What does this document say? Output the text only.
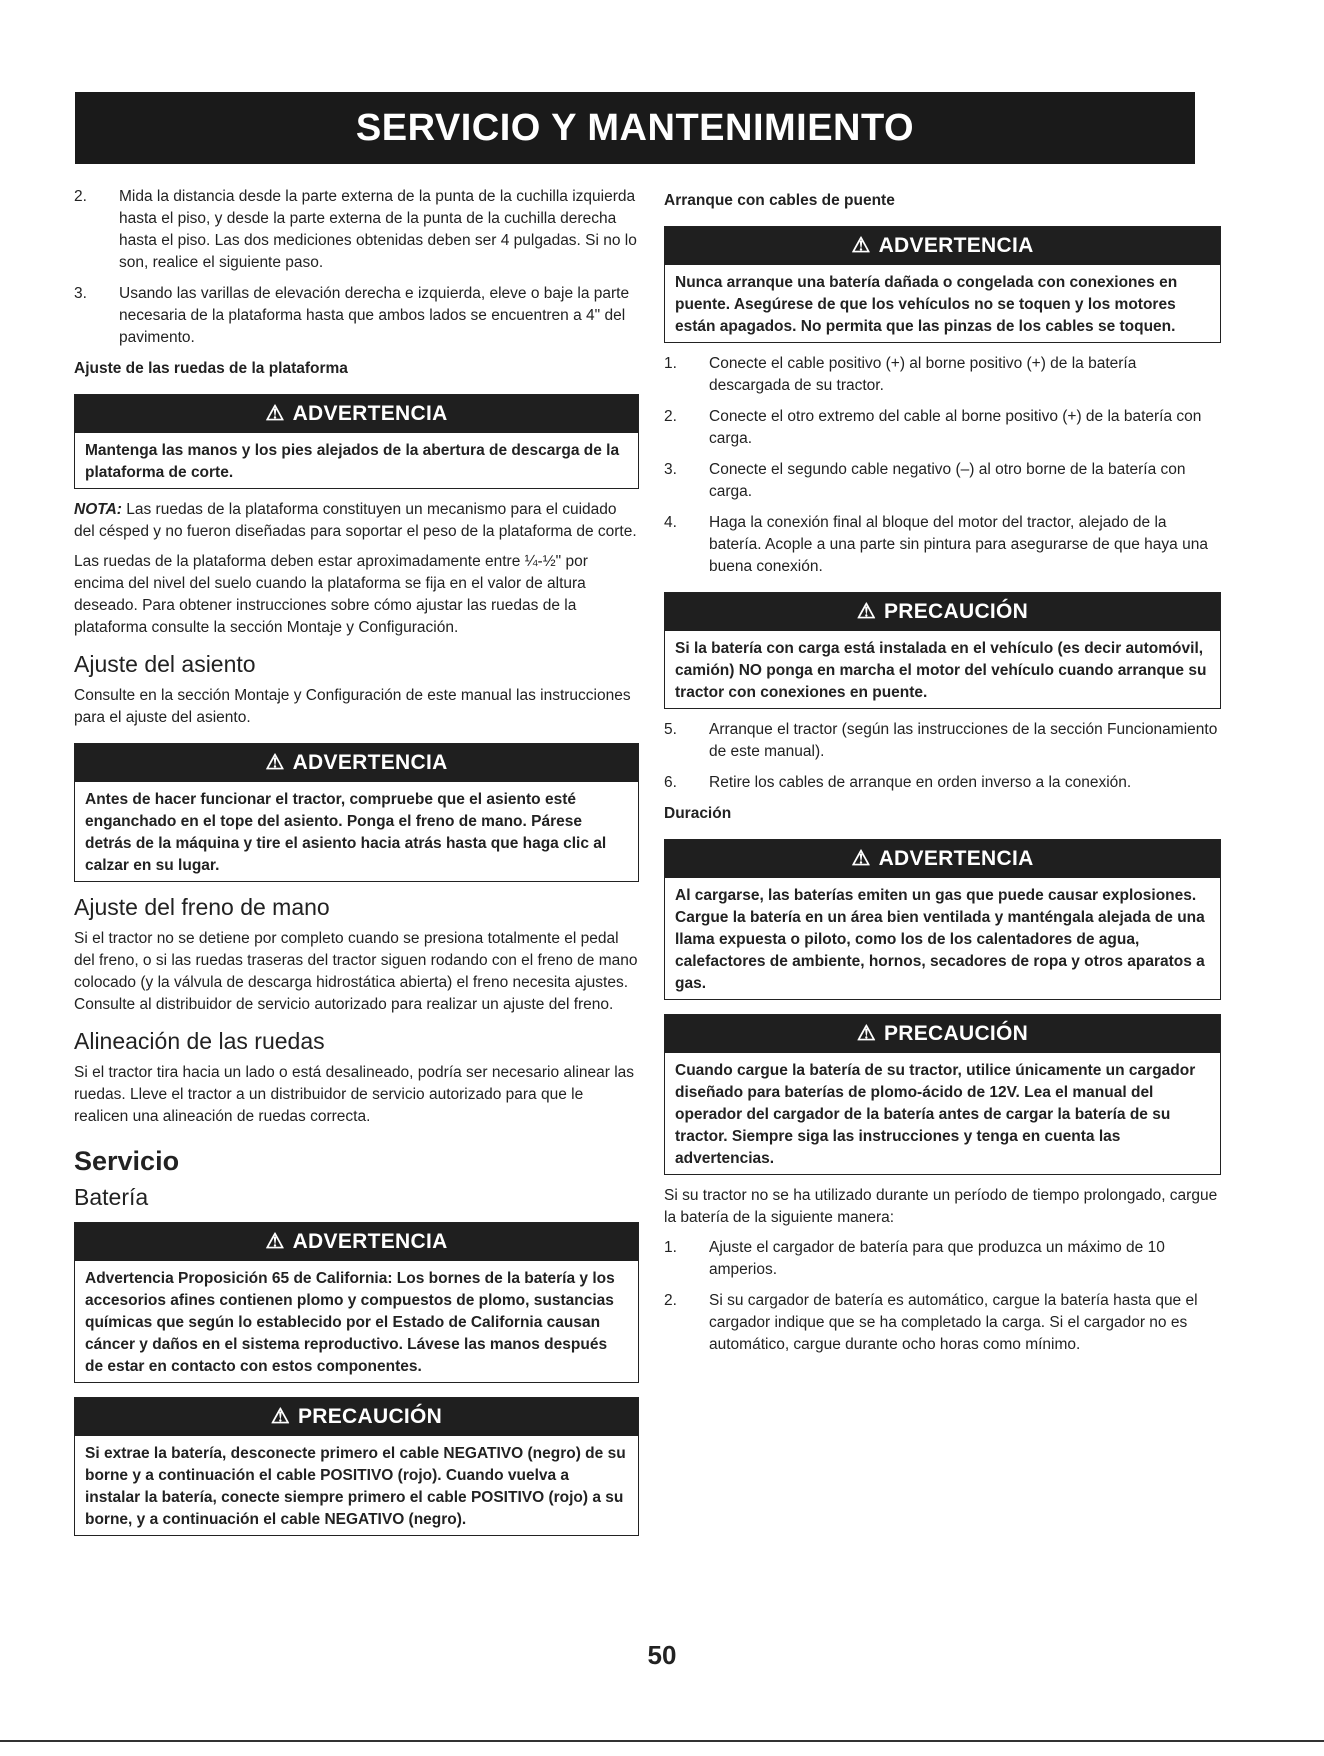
SERVICIO Y MANTENIMIENTO
2.	Mida la distancia desde la parte externa de la punta de la cuchilla izquierda hasta el piso, y desde la parte externa de la punta de la cuchilla derecha hasta el piso. Las dos mediciones obtenidas deben ser 4 pulgadas. Si no lo son, realice el siguiente paso.
3.	Usando las varillas de elevación derecha e izquierda, eleve o baje la parte necesaria de la plataforma hasta que ambos lados se encuentren a 4" del pavimento.
Ajuste de las ruedas de la plataforma
⚠ ADVERTENCIA
Mantenga las manos y los pies alejados de la abertura de descarga de la plataforma de corte.

NOTA: Las ruedas de la plataforma constituyen un mecanismo para el cuidado del césped y no fueron diseñadas para soportar el peso de la plataforma de corte.

Las ruedas de la plataforma deben estar aproximadamente entre ¼-½" por encima del nivel del suelo cuando la plataforma se fija en el valor de altura deseado. Para obtener instrucciones sobre cómo ajustar las ruedas de la plataforma consulte la sección Montaje y Configuración.

Ajuste del asiento

Consulte en la sección Montaje y Configuración de este manual las instrucciones para el ajuste del asiento.

⚠ ADVERTENCIA
Antes de hacer funcionar el tractor, compruebe que el asiento esté enganchado en el tope del asiento. Ponga el freno de mano. Párese detrás de la máquina y tire el asiento hacia atrás hasta que haga clic al calzar en su lugar.
Ajuste del freno de mano

Si el tractor no se detiene por completo cuando se presiona totalmente el pedal del freno, o si las ruedas traseras del tractor siguen rodando con el freno de mano colocado (y la válvula de descarga hidrostática abierta) el freno necesita ajustes. Consulte al distribuidor de servicio autorizado para realizar un ajuste del freno.

Alineación de las ruedas

Si el tractor tira hacia un lado o está desalineado, podría ser necesario alinear las ruedas. Lleve el tractor a un distribuidor de servicio autorizado para que le realicen una alineación de ruedas correcta.

Servicio
Batería
⚠ ADVERTENCIA
Advertencia Proposición 65 de California: Los bornes de la batería y los accesorios afines contienen plomo y compuestos de plomo, sustancias químicas que según lo establecido por el Estado de California causan cáncer y daños en el sistema reproductivo. Lávese las manos después de estar en contacto con estos componentes.
⚠ PRECAUCIÓN
Si extrae la batería, desconecte primero el cable NEGATIVO (negro) de su borne y a continuación el cable POSITIVO (rojo). Cuando vuelva a instalar la batería, conecte siempre primero el cable POSITIVO (rojo) a su borne, y a continuación el cable NEGATIVO (negro).
Arranque con cables de puente
⚠ ADVERTENCIA
Nunca arranque una batería dañada o congelada con conexiones en puente. Asegúrese de que los vehículos no se toquen y los motores están apagados. No permita que las pinzas de los cables se toquen.
1.	Conecte el cable positivo (+) al borne positivo (+) de la batería descargada de su tractor.
2.	Conecte el otro extremo del cable al borne positivo (+) de la batería con carga.
3.	Conecte el segundo cable negativo (–) al otro borne de la batería con carga.
4.	Haga la conexión final al bloque del motor del tractor, alejado de la batería. Acople a una parte sin pintura para asegurarse de que haya una buena conexión.
⚠ PRECAUCIÓN
Si la batería con carga está instalada en el vehículo (es decir automóvil, camión) NO ponga en marcha el motor del vehículo cuando arranque su tractor con conexiones en puente.
5.	Arranque el tractor (según las instrucciones de la sección Funcionamiento de este manual).
6.	Retire los cables de arranque en orden inverso a la conexión.
Duración
⚠ ADVERTENCIA
Al cargarse, las baterías emiten un gas que puede causar explosiones. Cargue la batería en un área bien ventilada y manténgala alejada de una llama expuesta o piloto, como los de los calentadores de agua, calefactores de ambiente, hornos, secadores de ropa y otros aparatos a gas.
⚠ PRECAUCIÓN
Cuando cargue la batería de su tractor, utilice únicamente un cargador diseñado para baterías de plomo-ácido de 12V. Lea el manual del operador del cargador de la batería antes de cargar la batería de su tractor. Siempre siga las instrucciones y tenga en cuenta las advertencias.

Si su tractor no se ha utilizado durante un período de tiempo prolongado, cargue la batería de la siguiente manera:

1.	Ajuste el cargador de batería para que produzca un máximo de 10 amperios.
2.	Si su cargador de batería es automático, cargue la batería hasta que el cargador indique que se ha completado la carga. Si el cargador no es automático, cargue durante ocho horas como mínimo.
50
